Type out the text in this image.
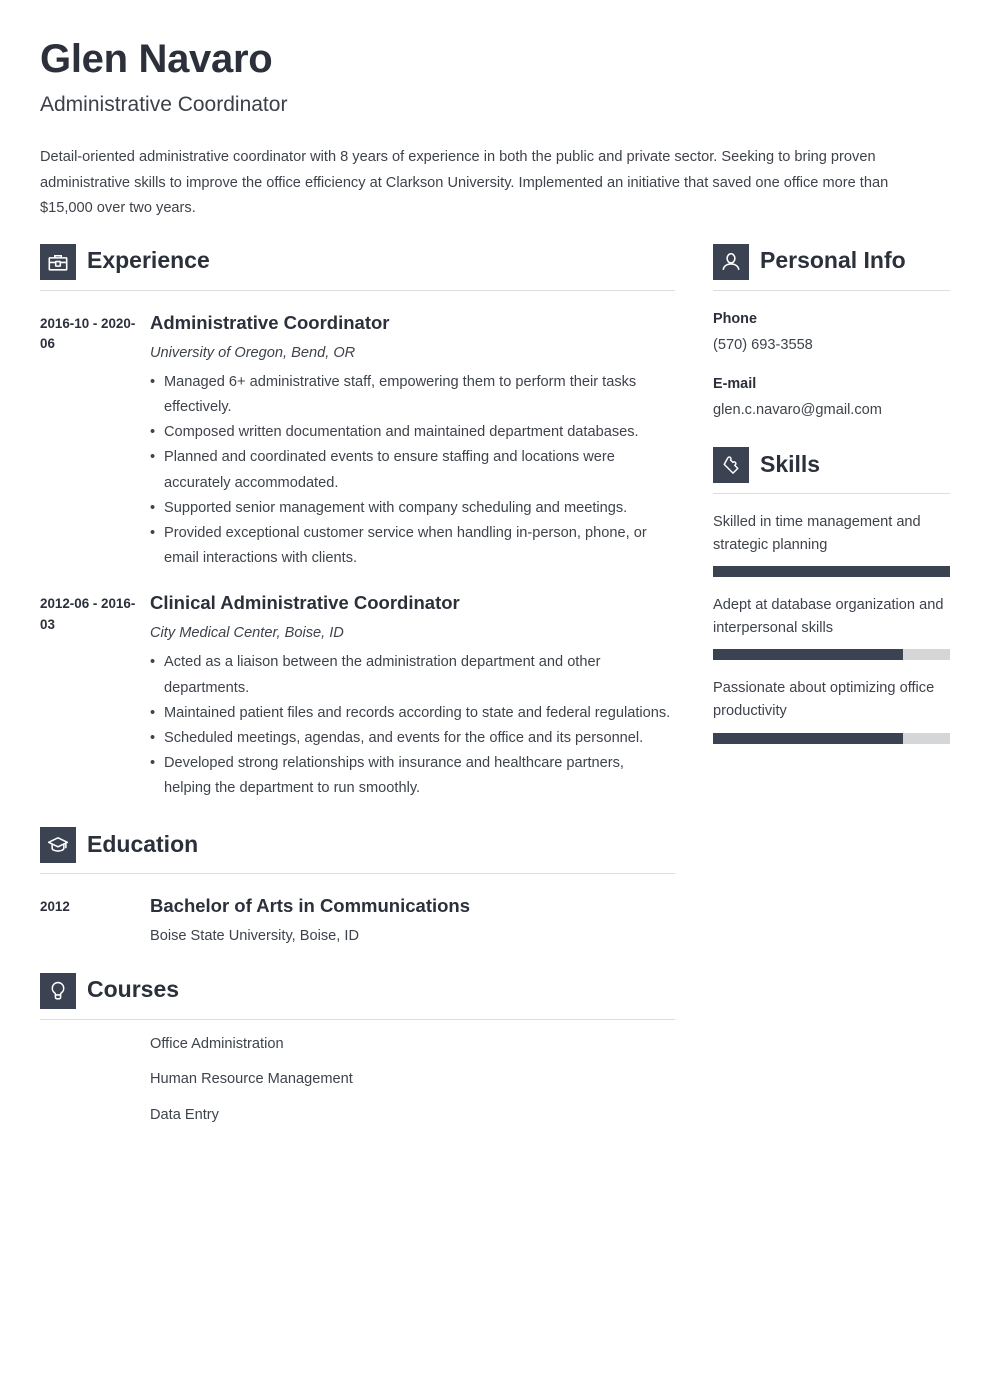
Glen Navaro
Administrative Coordinator

Detail-oriented administrative coordinator with 8 years of experience in both the public and private sector. Seeking to bring proven administrative skills to improve the office efficiency at Clarkson University. Implemented an initiative that saved one office more than $15,000 over two years.

Experience
2016-10 - 2020-06
Administrative Coordinator
University of Oregon, Bend, OR
• Managed 6+ administrative staff, empowering them to perform their tasks effectively.
• Composed written documentation and maintained department databases.
• Planned and coordinated events to ensure staffing and locations were accurately accommodated.
• Supported senior management with company scheduling and meetings.
• Provided exceptional customer service when handling in-person, phone, or email interactions with clients.
2012-06 - 2016-03
Clinical Administrative Coordinator
City Medical Center, Boise, ID
• Acted as a liaison between the administration department and other departments.
• Maintained patient files and records according to state and federal regulations.
• Scheduled meetings, agendas, and events for the office and its personnel.
• Developed strong relationships with insurance and healthcare partners, helping the department to run smoothly.
Education
2012	Bachelor of Arts in Communications
Boise State University, Boise, ID
Courses
Office Administration
Human Resource Management
Data Entry
Personal Info
Phone
(570) 693-3558
E-mail
glen.c.navaro@gmail.com
Skills
Skilled in time management and strategic planning
Adept at database organization and interpersonal skills
Passionate about optimizing office productivity
